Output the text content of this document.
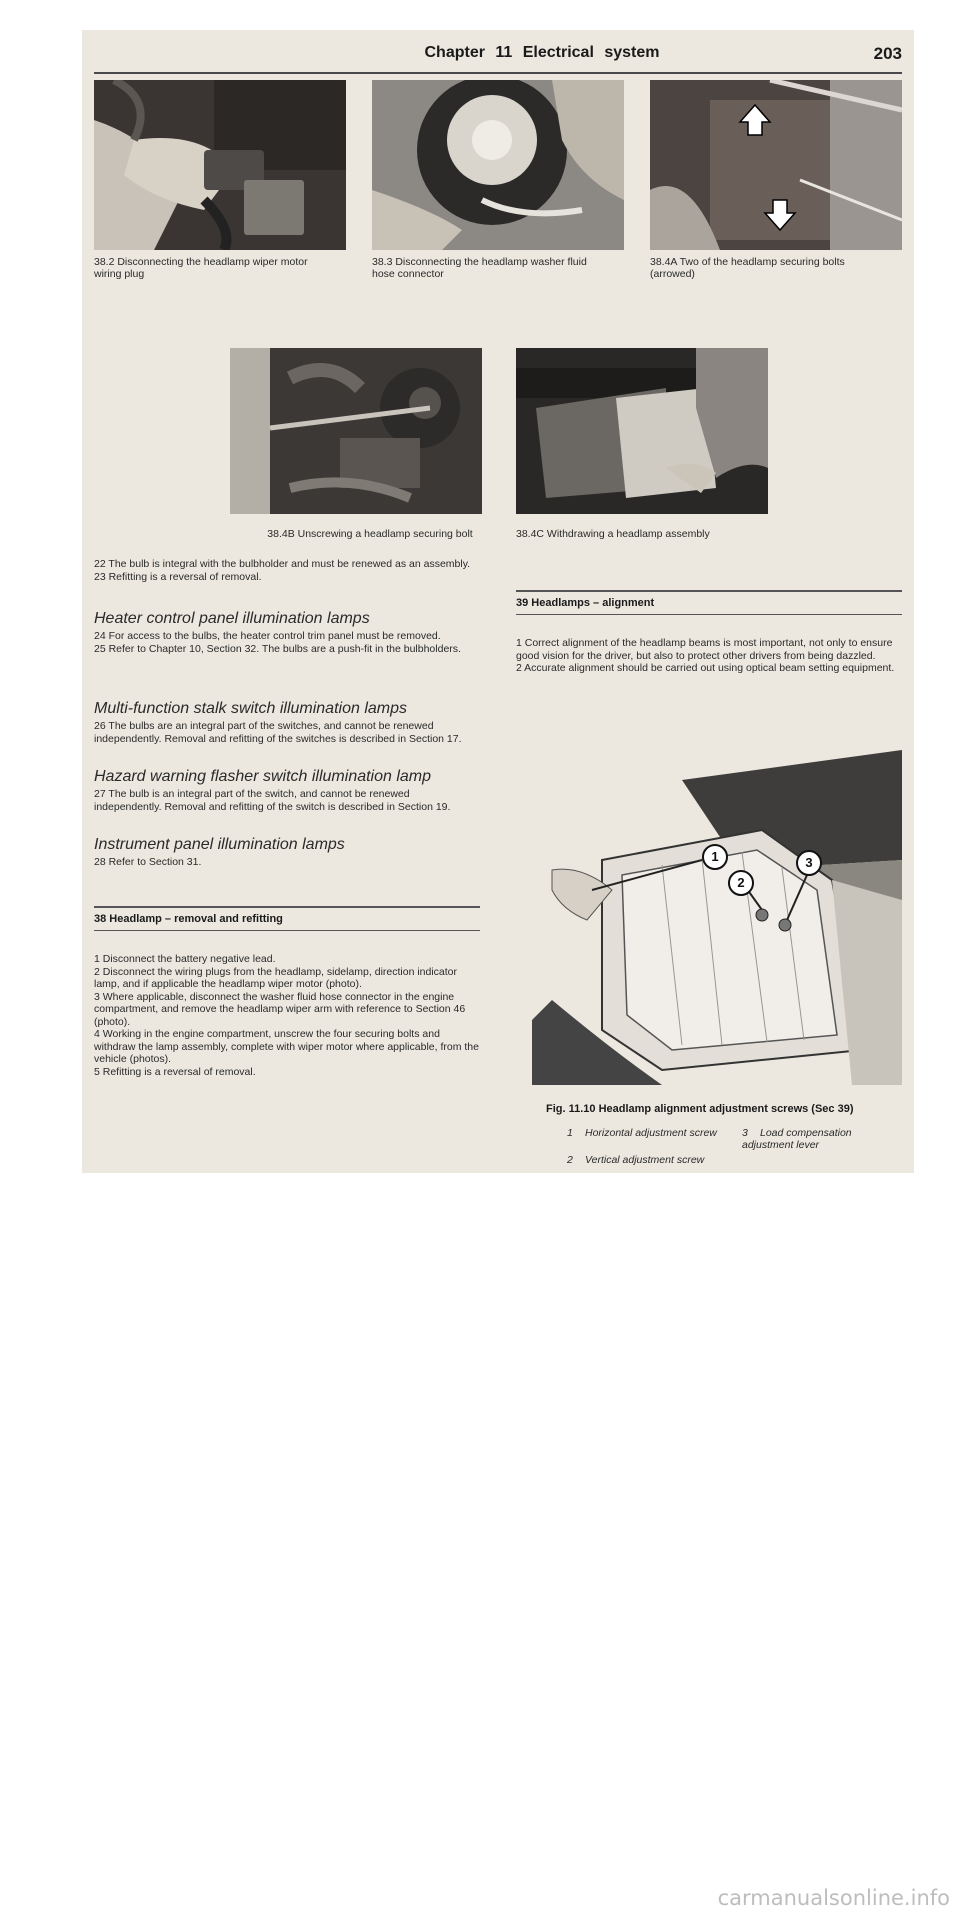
Chapter 11 Electrical system	203
38.2 Disconnecting the headlamp wiper motor wiring plug
38.3 Disconnecting the headlamp washer fluid hose connector
38.4A Two of the headlamp securing bolts (arrowed)
38.4B Unscrewing a headlamp securing bolt	38.4C Withdrawing a headlamp assembly

22 The bulb is integral with the bulbholder and must be renewed as an assembly.

23 Refitting is a reversal of removal.

Heater control panel illumination lamps

24 For access to the bulbs, the heater control trim panel must be removed.

25 Refer to Chapter 10, Section 32. The bulbs are a push-fit in the bulbholders.

Multi-function stalk switch illumination lamps

26 The bulbs are an integral part of the switches, and cannot be renewed independently. Removal and refitting of the switches is described in Section 17.

Hazard warning flasher switch illumination lamp

27 The bulb is an integral part of the switch, and cannot be renewed independently. Removal and refitting of the switch is described in Section 19.

Instrument panel illumination lamps

28 Refer to Section 31.

38 Headlamp – removal and refitting

1 Disconnect the battery negative lead.

2 Disconnect the wiring plugs from the headlamp, sidelamp, direction indicator lamp, and if applicable the headlamp wiper motor (photo).

3 Where applicable, disconnect the washer fluid hose connector in the engine compartment, and remove the headlamp wiper arm with reference to Section 46 (photo).

4 Working in the engine compartment, unscrew the four securing bolts and withdraw the lamp assembly, complete with wiper motor where applicable, from the vehicle (photos).

5 Refitting is a reversal of removal.

39 Headlamps – alignment

1 Correct alignment of the headlamp beams is most important, not only to ensure good vision for the driver, but also to protect other drivers from being dazzled.

2 Accurate alignment should be carried out using optical beam setting equipment.

1
2
3
Fig. 11.10 Headlamp alignment adjustment screws (Sec 39)
1 Horizontal adjustment screw
2 Vertical adjustment screw
3 Load compensation adjustment lever
carmanualsonline.info
